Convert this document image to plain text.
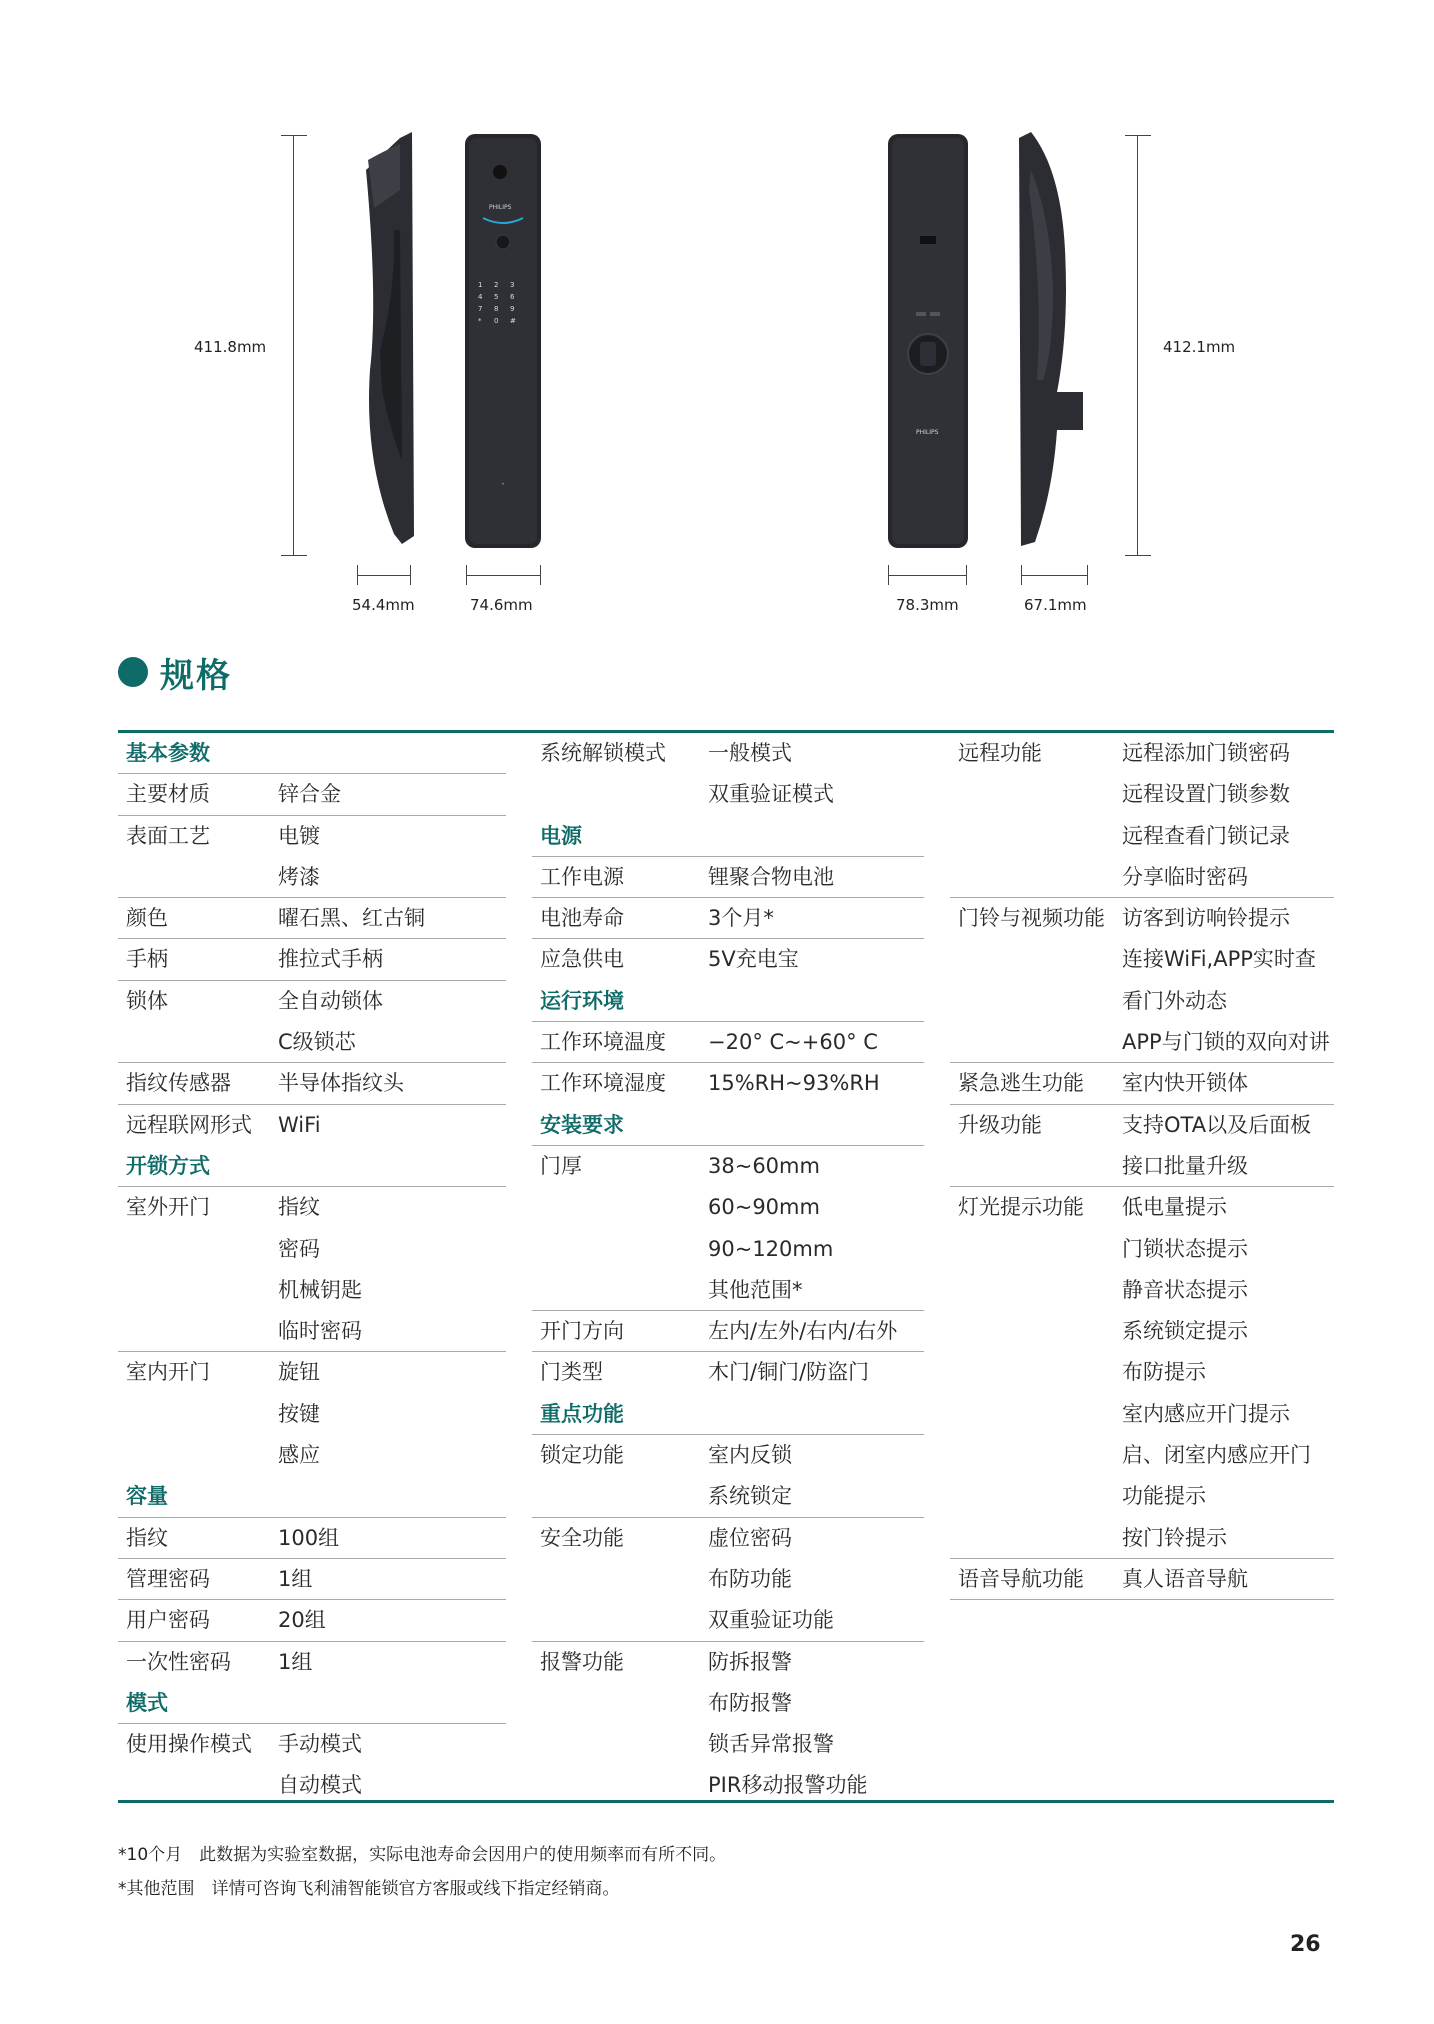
411.8mm	412.1mm
PHILIPS
•
1	2	3
4	5	6
7	8	9
*	0	#
PHILIPS
54.4mm	74.6mm	78.3mm	67.1mm
规格
基本参数
主要材质	锌合金
表面工艺	电镀
烤漆
颜色	曜石黑、红古铜
手柄	推拉式手柄
锁体	全自动锁体
C级锁芯
指纹传感器 半导体指纹头
远程联网形式 WiFi
开锁方式
室外开门	指纹
密码
机械钥匙
临时密码
室内开门	旋钮
按键
感应
容量
指纹	100组
管理密码	1组
用户密码	20组
一次性密码 1组
模式
使用操作模式 手动模式
自动模式
系统解锁模式 一般模式
双重验证模式
电源
工作电源	锂聚合物电池
电池寿命	3个月*
应急供电	5V充电宝
运行环境
工作环境温度 −20° C~+60° C
工作环境湿度 15%RH~93%RH
安装要求
门厚	38~60mm
60~90mm
90~120mm
其他范围*
开门方向	左内/左外/右内/右外
门类型	木门/铜门/防盗门
重点功能
锁定功能	室内反锁
系统锁定
安全功能	虚位密码
布防功能
双重验证功能
报警功能	防拆报警
布防报警
锁舌异常报警
PIR移动报警功能
远程功能	远程添加门锁密码
远程设置门锁参数
远程查看门锁记录
分享临时密码
门铃与视频功能 访客到访响铃提示
连接WiFi,APP实时查
看门外动态
APP与门锁的双向对讲
紧急逃生功能 室内快开锁体
升级功能	支持OTA以及后面板
接口批量升级
灯光提示功能 低电量提示
门锁状态提示
静音状态提示
系统锁定提示
布防提示
室内感应开门提示
启、闭室内感应开门
功能提示
按门铃提示
语音导航功能 真人语音导航
*10个月　此数据为实验室数据，实际电池寿命会因用户的使用频率而有所不同。
*其他范围　详情可咨询飞利浦智能锁官方客服或线下指定经销商。
26
